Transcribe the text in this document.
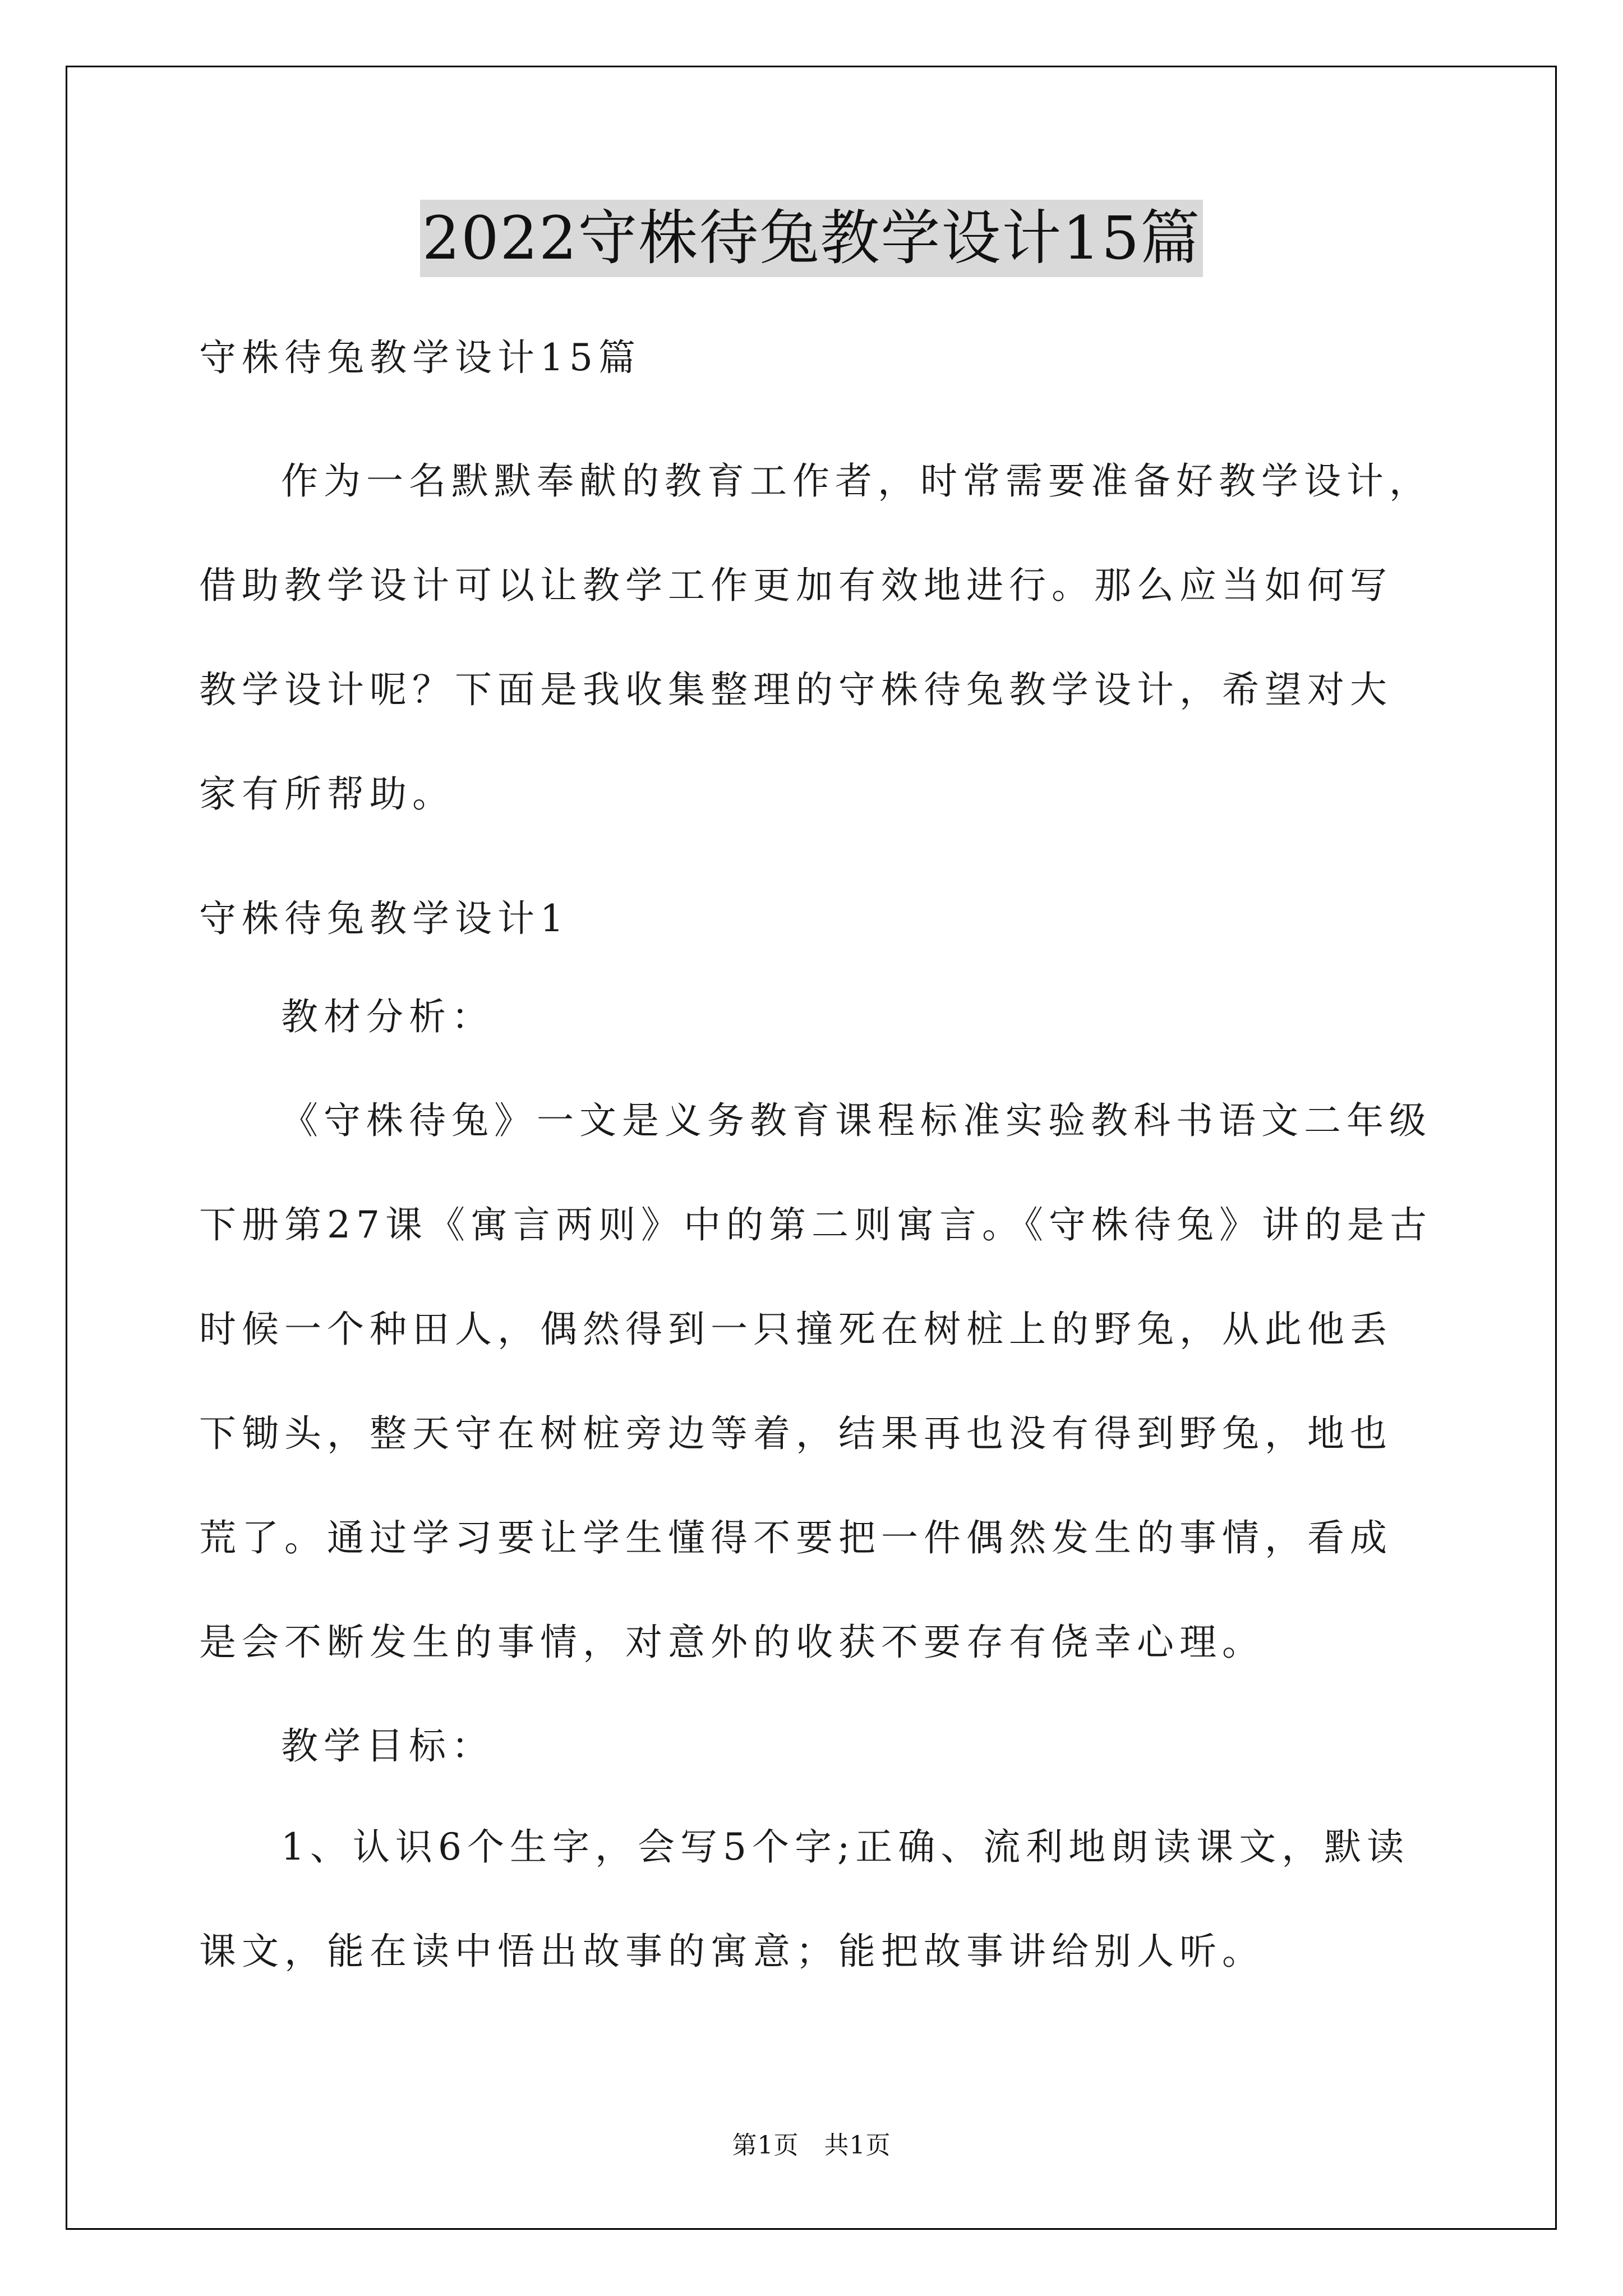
2022守株待兔教学设计15篇

守株待兔教学设计15篇

作为一名默默奉献的教育工作者，时常需要准备好教学设计，借助教学设计可以让教学工作更加有效地进行。那么应当如何写教学设计呢？下面是我收集整理的守株待兔教学设计，希望对大家有所帮助。

守株待兔教学设计1

教材分析：

《守株待兔》一文是义务教育课程标准实验教科书语文二年级下册第27课《寓言两则》中的第二则寓言。《守株待兔》讲的是古时候一个种田人，偶然得到一只撞死在树桩上的野兔，从此他丢下锄头，整天守在树桩旁边等着，结果再也没有得到野兔，地也荒了。通过学习要让学生懂得不要把一件偶然发生的事情，看成是会不断发生的事情，对意外的收获不要存有侥幸心理。

教学目标：

1、认识6个生字，会写5个字;正确、流利地朗读课文，默读课文，能在读中悟出故事的寓意；能把故事讲给别人听。

第1页　共1页
